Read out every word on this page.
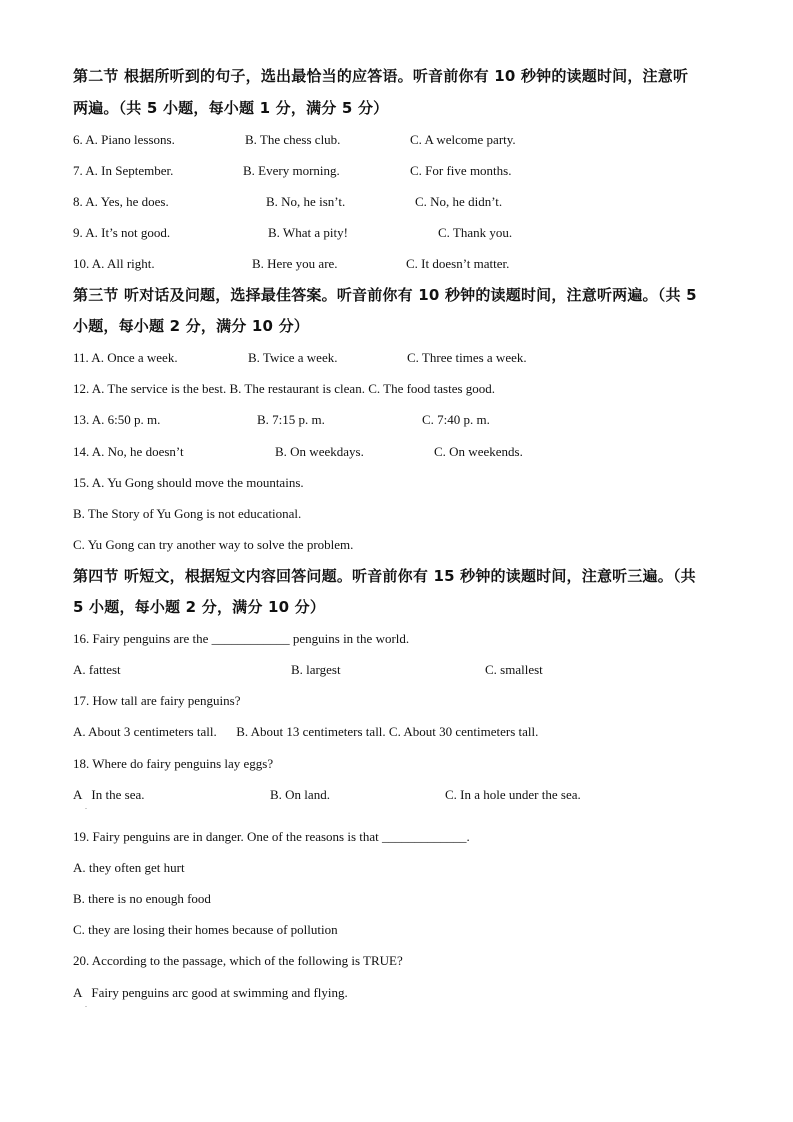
第二节 根据所听到的句子，选出最恰当的应答语。听音前你有 10 秒钟的读题时间，注意听
两遍。（共 5 小题，每小题 1 分，满分 5 分）
6. A. Piano lessons.	B. The chess club.	C. A welcome party.
7. A. In September.	B. Every morning.	C. For five months.
8. A. Yes, he does.	B. No, he isn’t.	C. No, he didn’t.
9. A. It’s not good.	B. What a pity!	C. Thank you.
10. A. All right.	B. Here you are.	C. It doesn’t matter.
第三节 听对话及问题，选择最佳答案。听音前你有 10 秒钟的读题时间，注意听两遍。（共 5
小题，每小题 2 分，满分 10 分）
11. A. Once a week.	B. Twice a week.	C. Three times a week.
12. A. The service is the best. B. The restaurant is clean. C. The food tastes good.
13. A. 6:50 p. m.	B. 7:15 p. m.	C. 7:40 p. m.
14. A. No, he doesn’t	B. On weekdays.	C. On weekends.
15. A. Yu Gong should move the mountains.
B. The Story of Yu Gong is not educational.
C. Yu Gong can try another way to solve the problem.
第四节 听短文，根据短文内容回答问题。听音前你有 15 秒钟的读题时间，注意听三遍。（共
5 小题，每小题 2 分，满分 10 分）
16. Fairy penguins are the ____________ penguins in the world.
A. fattest	B. largest	C. smallest
17. How tall are fairy penguins?
A. About 3 centimeters tall.      B. About 13 centimeters tall. C. About 30 centimeters tall.
18. Where do fairy penguins lay eggs?
A   In the sea.	B. On land.	C. In a hole under the sea.
.
19. Fairy penguins are in danger. One of the reasons is that _____________.
A. they often get hurt
B. there is no enough food
C. they are losing their homes because of pollution
20. According to the passage, which of the following is TRUE?
A   Fairy penguins arc good at swimming and flying.
.
